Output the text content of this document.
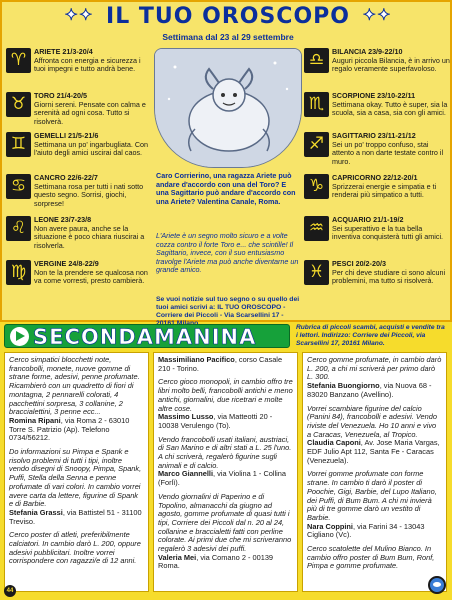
✦✦ IL TUO OROSCOPO ✦✦
Settimana dal 23 al 29 settembre
♈	ARIETE 21/3-20/4
Affronta con energia e sicurezza i tuoi impegni e tutto andrà bene.
♉	TORO 21/4-20/5
Giorni sereni. Pensate con calma e serenità ad ogni cosa. Tutto si risolverà.
♊	GEMELLI 21/5-21/6
Settimana un po' ingarbugliata. Con l'aiuto degli amici uscirai dal caos.
♋	CANCRO 22/6-22/7
Settimana rosa per tutti i nati sotto questo segno. Sorrisi, giochi, sorprese!
♌	LEONE 23/7-23/8
Non avere paura, anche se la situazione è poco chiara riuscirai a risolverla.
♍	VERGINE 24/8-22/9
Non te la prendere se qualcosa non va come vorresti, presto cambierà.
Caro Corrierino, una ragazza Ariete può andare d'accordo con una del Toro? E una Sagittario può andare d'accordo con una Ariete? Valentina Canale, Roma.
L'Ariete è un segno molto sicuro e a volte cozza contro il forte Toro e... che scintille! Il Sagittario, invece, con il suo entusiasmo travolge l'Ariete ma può anche diventarne un grande amico.
Se vuoi notizie sul tuo segno o su quello dei tuoi amici scrivi a: IL TUO OROSCOPO - Corriere dei Piccoli - Via Scarsellini 17 -
♎	BILANCIA 23/9-22/10
Auguri piccola Bilancia, è in arrivo un regalo veramente superfavoloso.
♏	SCORPIONE 23/10-22/11
Settimana okay. Tutto è super, sia la scuola, sia a casa, sia con gli amici.
♐	SAGITTARIO 23/11-21/12
Sei un po' troppo confuso, stai attento a non darte testate contro il muro.
♑	CAPRICORNO 22/12-20/1
Sprizzerai energie e simpatia e ti renderai più simpatico a tutti.
♒	ACQUARIO 21/1-19/2
Sei superattivo e la tua bella inventiva conquisterà tutti gli amici.
♓	PESCI 20/2-20/3
Per chi deve studiare ci sono alcuni problemini, ma tutto si risolverà.
SECONDAMANINA	Rubrica di piccoli scambi, acquisti e vendite tra i lettori. Indirizzo: Corriere dei Piccoli, via Scarsellini 17, 20161 Milano.

Cerco simpatici blocchetti note, francobolli, monete, nuove gomme di strane forme, adesivi, penne profumate. Ricambierò con un quadretto di fiori di montagna, 2 pennarelli colorati, 4 pacchettini sorpresa, 3 collanine, 2 braccialettini, 3 penne ecc...
Romina Ripani, via Roma 2 - 63010 Torre S. Patrizio (Ap). Telefono 0734/56212.

Do informazioni su Pimpa e Spank e risolvo problemi di tutti i tipi, inoltre vendo disegni di Snoopy, Pimpa, Spank, Puffi, Stella della Senna e penne profumate di vari colori. In cambio vorrei avere carta da lettere, figurine di Spank e di Barbie.
Stefania Grassi, via Battistel 51 - 31100 Treviso.

Cerco poster di atleti, preferibilmente calciatori. In cambio darò L. 200, oppure adesivi pubblicitari. Inoltre vorrei corrispondere con ragazzi/e di 12 anni.

Massimiliano Pacifico, corso Casale 210 - Torino.

Cerco gioco monopoli, in cambio offro tre libri molto belli, francobolli antichi e meno antichi, giornalini, due ricetrari e molte altre cose.
Massimo Lusso, via Matteotti 20 - 10038 Verulengo (To).

Vendo francobolli usati italiani, austriaci, di San Marino e di altri stati a L. 25 l'uno. A chi scriverà, regalerò figurine sugli animali e di calcio.
Marco Giannelli, via Violina 1 - Collina (Forlì).

Vendo giornalini di Paperino e di Topolino, almanacchi da giugno ad agosto, gomme profumate di quasi tutti i tipi, Corriere dei Piccoli dal n. 20 al 24, collanine e braccialetti fatti con perline colorate. Ai primi due che mi scriveranno regalerò 3 adesivi dei puffi.
Valeria Mei, via Comano 2 - 00139 Roma.

Cerco gomme profumate, in cambio darò L. 200, a chi mi scriverà per primo darò L. 300.
Stefania Buongiorno, via Nuova 68 - 83020 Banzano (Avellino).

Vorrei scambiare figurine del calcio (Panini 84), francobolli e adesivi. Vendo riviste del Venezuela. Ho 10 anni e vivo a Caracas, Venezuela, al Tropico.
Claudia Caponi, Av. Jose Maria Vargas, EDF Julio Apt 112, Santa Fe - Caracas (Venezuela).

Vorrei gomme profumate con forme strane. In cambio ti darò il poster di Poochie, Gigi, Barbie, del Lupo Italiano, dei Puffi, di Bum Bum. A chi mi invierà più di tre gomme darò un vestito di Barbie.
Nara Coppini, via Farini 34 - 13043 Cigliano (Vc).

Cerco scatolette del Mulino Bianco. In cambio offro poster di Bum Bum, Ronf, Pimpa e gomme profumate.

44
